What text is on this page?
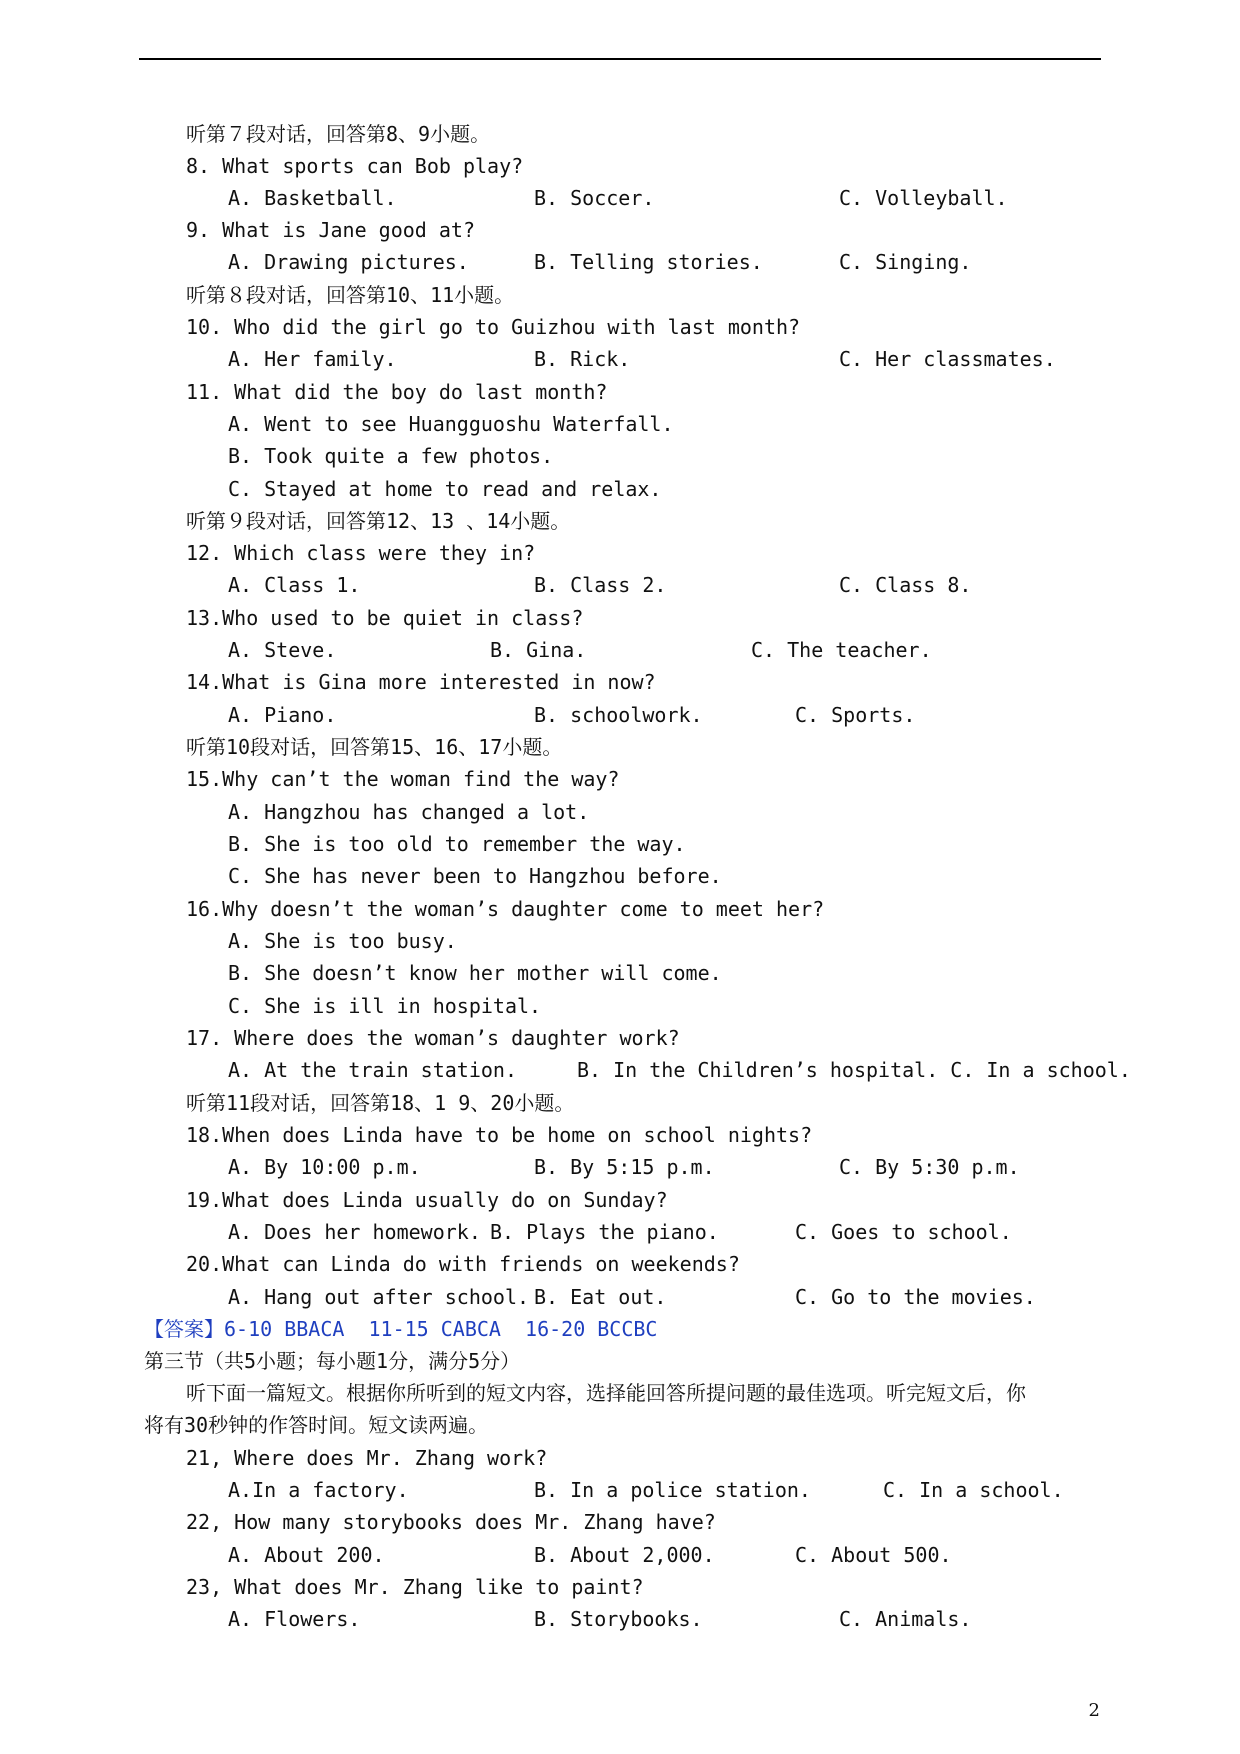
听第７段对话，回答第8、9小题。
8. What sports can Bob play?
A. Basketball.	B. Soccer.	C. Volleyball.
9. What is Jane good at?
A. Drawing pictures.	B. Telling stories.	C. Singing.
听第８段对话，回答第10、11小题。
10. Who did the girl go to Guizhou with last month?
A. Her family.	B. Rick.	C. Her classmates.
11. What did the boy do last month?
A. Went to see Huangguoshu Waterfall.
B. Took quite a few photos.
C. Stayed at home to read and relax.
听第９段对话，回答第12、13 、14小题。
12. Which class were they in?
A. Class 1.	B. Class 2.	C. Class 8.
13.Who used to be quiet in class?
A. Steve.	B. Gina.	C. The teacher.
14.What is Gina more interested in now?
A. Piano.	B. schoolwork.	C. Sports.
听第10段对话，回答第15、16、17小题。
15.Why can’t the woman find the way?
A. Hangzhou has changed a lot.
B. She is too old to remember the way.
C. She has never been to Hangzhou before.
16.Why doesn’t the woman’s daughter come to meet her?
A. She is too busy.
B. She doesn’t know her mother will come.
C. She is ill in hospital.
17. Where does the woman’s daughter work?
A. At the train station.	B. In the Children’s hospital. C. In a school.
听第11段对话，回答第18、1 9、20小题。
18.When does Linda have to be home on school nights?
A. By 10:00 p.m.	B. By 5:15 p.m.	C. By 5:30 p.m.
19.What does Linda usually do on Sunday?
A. Does her homework. B. Plays the piano.	C. Goes to school.
20.What can Linda do with friends on weekends?
A. Hang out after school. B. Eat out.	C. Go to the movies.
【答案】6-10 BBACA  11-15 CABCA  16-20 BCCBC
第三节（共5小题；每小题1分，满分5分）
听下面一篇短文。根据你所听到的短文内容，选择能回答所提问题的最佳选项。听完短文后，你
将有30秒钟的作答时间。短文读两遍。
21, Where does Mr. Zhang work?
A.In a factory.	B. In a police station.	C. In a school.
22, How many storybooks does Mr. Zhang have?
A. About 200.	B. About 2,000.	C. About 500.
23, What does Mr. Zhang like to paint?
A. Flowers.	B. Storybooks.	C. Animals.
2
